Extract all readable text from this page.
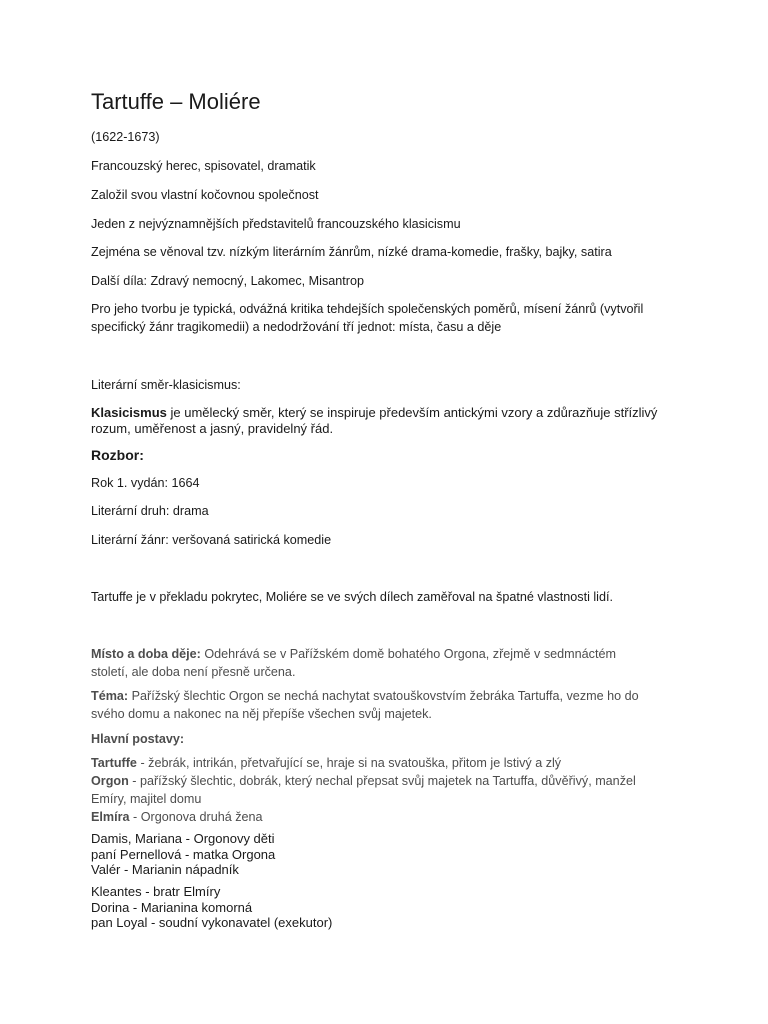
Tartuffe – Moliére
(1622-1673)
Francouzský herec, spisovatel, dramatik
Založil svou vlastní kočovnou společnost
Jeden z nejvýznamnějších představitelů francouzského klasicismu
Zejména se věnoval tzv. nízkým literárním žánrům, nízké drama-komedie, frašky, bajky, satira
Další díla: Zdravý nemocný, Lakomec, Misantrop
Pro jeho tvorbu je typická, odvážná kritika tehdejších společenských poměrů, mísení žánrů (vytvořil
specifický žánr tragikomedii) a nedodržování tří jednot: místa, času a děje
Literární směr-klasicismus:
Klasicismus je umělecký směr, který se inspiruje především antickými vzory a zdůrazňuje střízlivý
rozum, uměřenost a jasný, pravidelný řád.
Rozbor:
Rok 1. vydán: 1664
Literární druh: drama
Literární žánr: veršovaná satirická komedie
Tartuffe je v překladu pokrytec, Moliére se ve svých dílech zaměřoval na špatné vlastnosti lidí.
Místo a doba děje: Odehrává se v Pařížském domě bohatého Orgona, zřejmě v sedmnáctém
století, ale doba není přesně určena.
Téma: Pařížský šlechtic Orgon se nechá nachytat svatouškovstvím žebráka Tartuffa, vezme ho do
svého domu a nakonec na něj přepíše všechen svůj majetek.
Hlavní postavy:
Tartuffe - žebrák, intrikán, přetvařující se, hraje si na svatouška, přitom je lstivý a zlý
Orgon - pařížský šlechtic, dobrák, který nechal přepsat svůj majetek na Tartuffa, důvěřivý, manžel
Emíry, majitel domu
Elmíra - Orgonova druhá žena
Damis, Mariana - Orgonovy děti
paní Pernellová - matka Orgona
Valér - Marianin nápadník
Kleantes - bratr Elmíry
Dorina - Marianina komorná
pan Loyal - soudní vykonavatel (exekutor)
